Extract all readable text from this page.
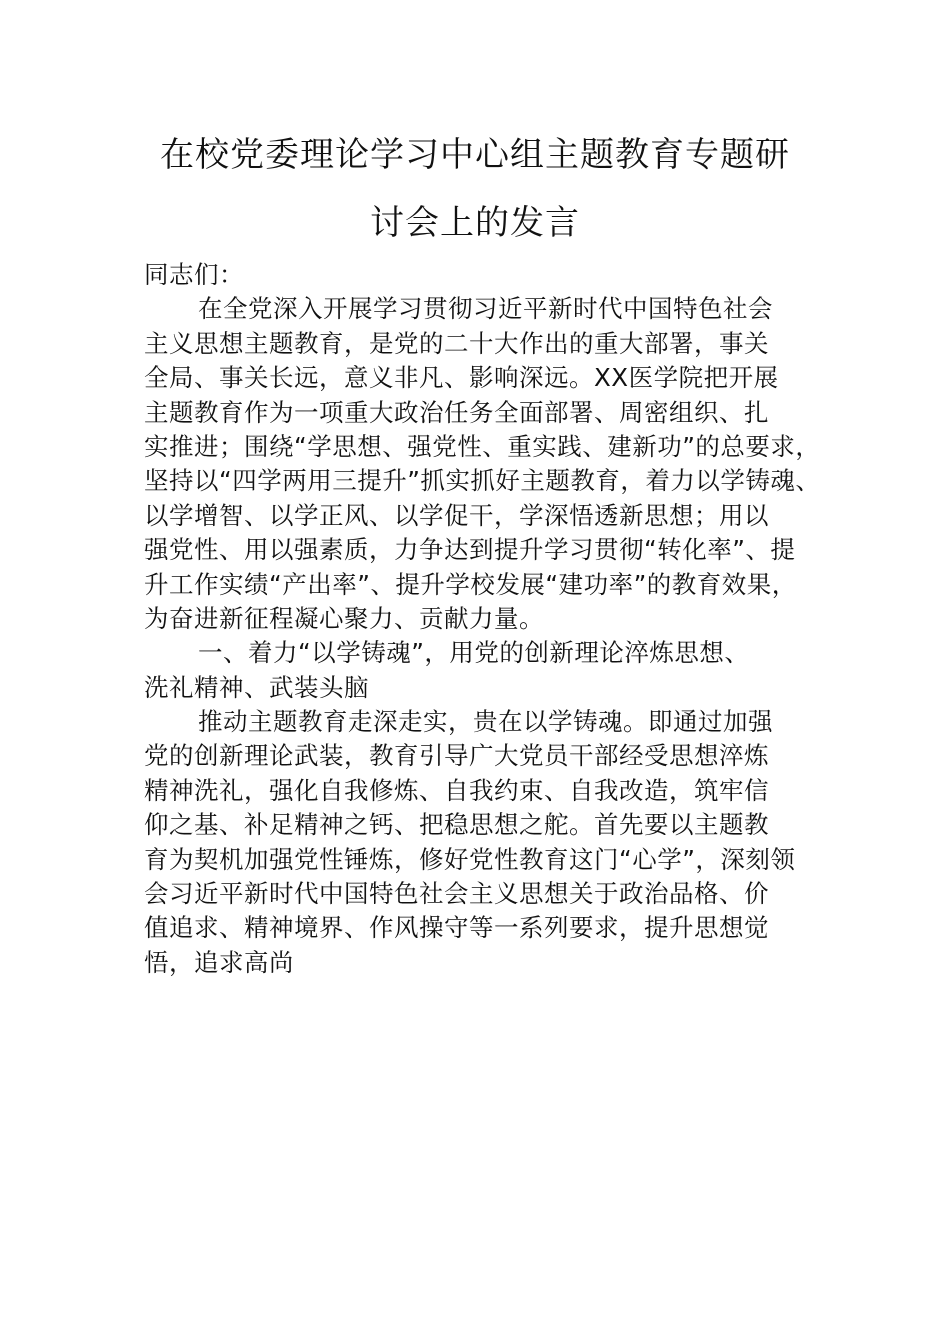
在校党委理论学习中心组主题教育专题研
讨会上的发言
同志们：
在全党深入开展学习贯彻习近平新时代中国特色社会
主义思想主题教育，是党的二十大作出的重大部署，事关
全局、事关长远，意义非凡、影响深远。XX医学院把开展
主题教育作为一项重大政治任务全面部署、周密组织、扎
实推进；围绕“学思想、强党性、重实践、建新功”的总要求，
坚持以“四学两用三提升”抓实抓好主题教育，着力以学铸魂、
以学增智、以学正风、以学促干，学深悟透新思想；用以
强党性、用以强素质，力争达到提升学习贯彻“转化率”、提
升工作实绩“产出率”、提升学校发展“建功率”的教育效果，
为奋进新征程凝心聚力、贡献力量。
一、着力“以学铸魂”，用党的创新理论淬炼思想、
洗礼精神、武装头脑
推动主题教育走深走实，贵在以学铸魂。即通过加强
党的创新理论武装，教育引导广大党员干部经受思想淬炼
精神洗礼，强化自我修炼、自我约束、自我改造，筑牢信
仰之基、补足精神之钙、把稳思想之舵。首先要以主题教
育为契机加强党性锤炼，修好党性教育这门“心学”，深刻领
会习近平新时代中国特色社会主义思想关于政治品格、价
值追求、精神境界、作风操守等一系列要求，提升思想觉
悟，追求高尚
